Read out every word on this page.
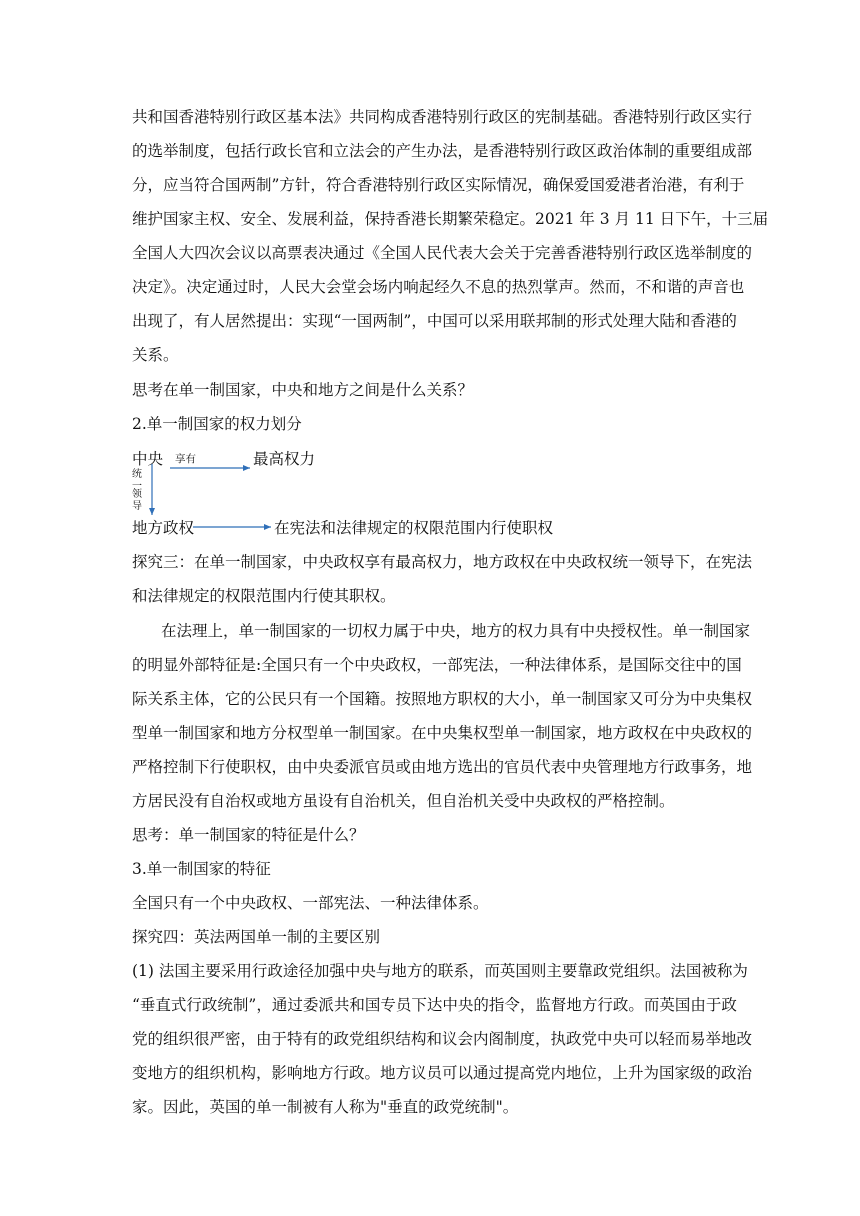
共和国香港特别行政区基本法》共同构成香港特别行政区的宪制基础。香港特别行政区实行
的选举制度，包括行政长官和立法会的产生办法，是香港特别行政区政治体制的重要组成部
分，应当符合国两制”方针，符合香港特别行政区实际情况，确保爱国爱港者治港，有利于
维护国家主权、安全、发展利益，保持香港长期繁荣稳定。2021 年 3 月 11 日下午，十三届
全国人大四次会议以高票表决通过《全国人民代表大会关于完善香港特别行政区选举制度的
决定》。决定通过时，人民大会堂会场内响起经久不息的热烈掌声。然而，不和谐的声音也
出现了，有人居然提出：实现“一国两制”，中国可以采用联邦制的形式处理大陆和香港的
关系。
思考在单一制国家，中央和地方之间是什么关系？
2.单一制国家的权力划分
中央 享有	最高权力
统
一
领
导
地方政权	在宪法和法律规定的权限范围内行使职权
探究三：在单一制国家，中央政权享有最高权力，地方政权在中央政权统一领导下，在宪法
和法律规定的权限范围内行使其职权。
在法理上，单一制国家的一切权力属于中央，地方的权力具有中央授权性。单一制国家
的明显外部特征是:全国只有一个中央政权，一部宪法，一种法律体系，是国际交往中的国
际关系主体，它的公民只有一个国籍。按照地方职权的大小，单一制国家又可分为中央集权
型单一制国家和地方分权型单一制国家。在中央集权型单一制国家，地方政权在中央政权的
严格控制下行使职权，由中央委派官员或由地方选出的官员代表中央管理地方行政事务，地
方居民没有自治权或地方虽设有自治机关，但自治机关受中央政权的严格控制。
思考：单一制国家的特征是什么？
3.单一制国家的特征
全国只有一个中央政权、一部宪法、一种法律体系。
探究四：英法两国单一制的主要区别
(1) 法国主要采用行政途径加强中央与地方的联系，而英国则主要靠政党组织。法国被称为
“垂直式行政统制”，通过委派共和国专员下达中央的指令，监督地方行政。而英国由于政
党的组织很严密，由于特有的政党组织结构和议会内阁制度，执政党中央可以轻而易举地改
变地方的组织机构，影响地方行政。地方议员可以通过提高党内地位，上升为国家级的政治
家。因此，英国的单一制被有人称为"垂直的政党统制"。
